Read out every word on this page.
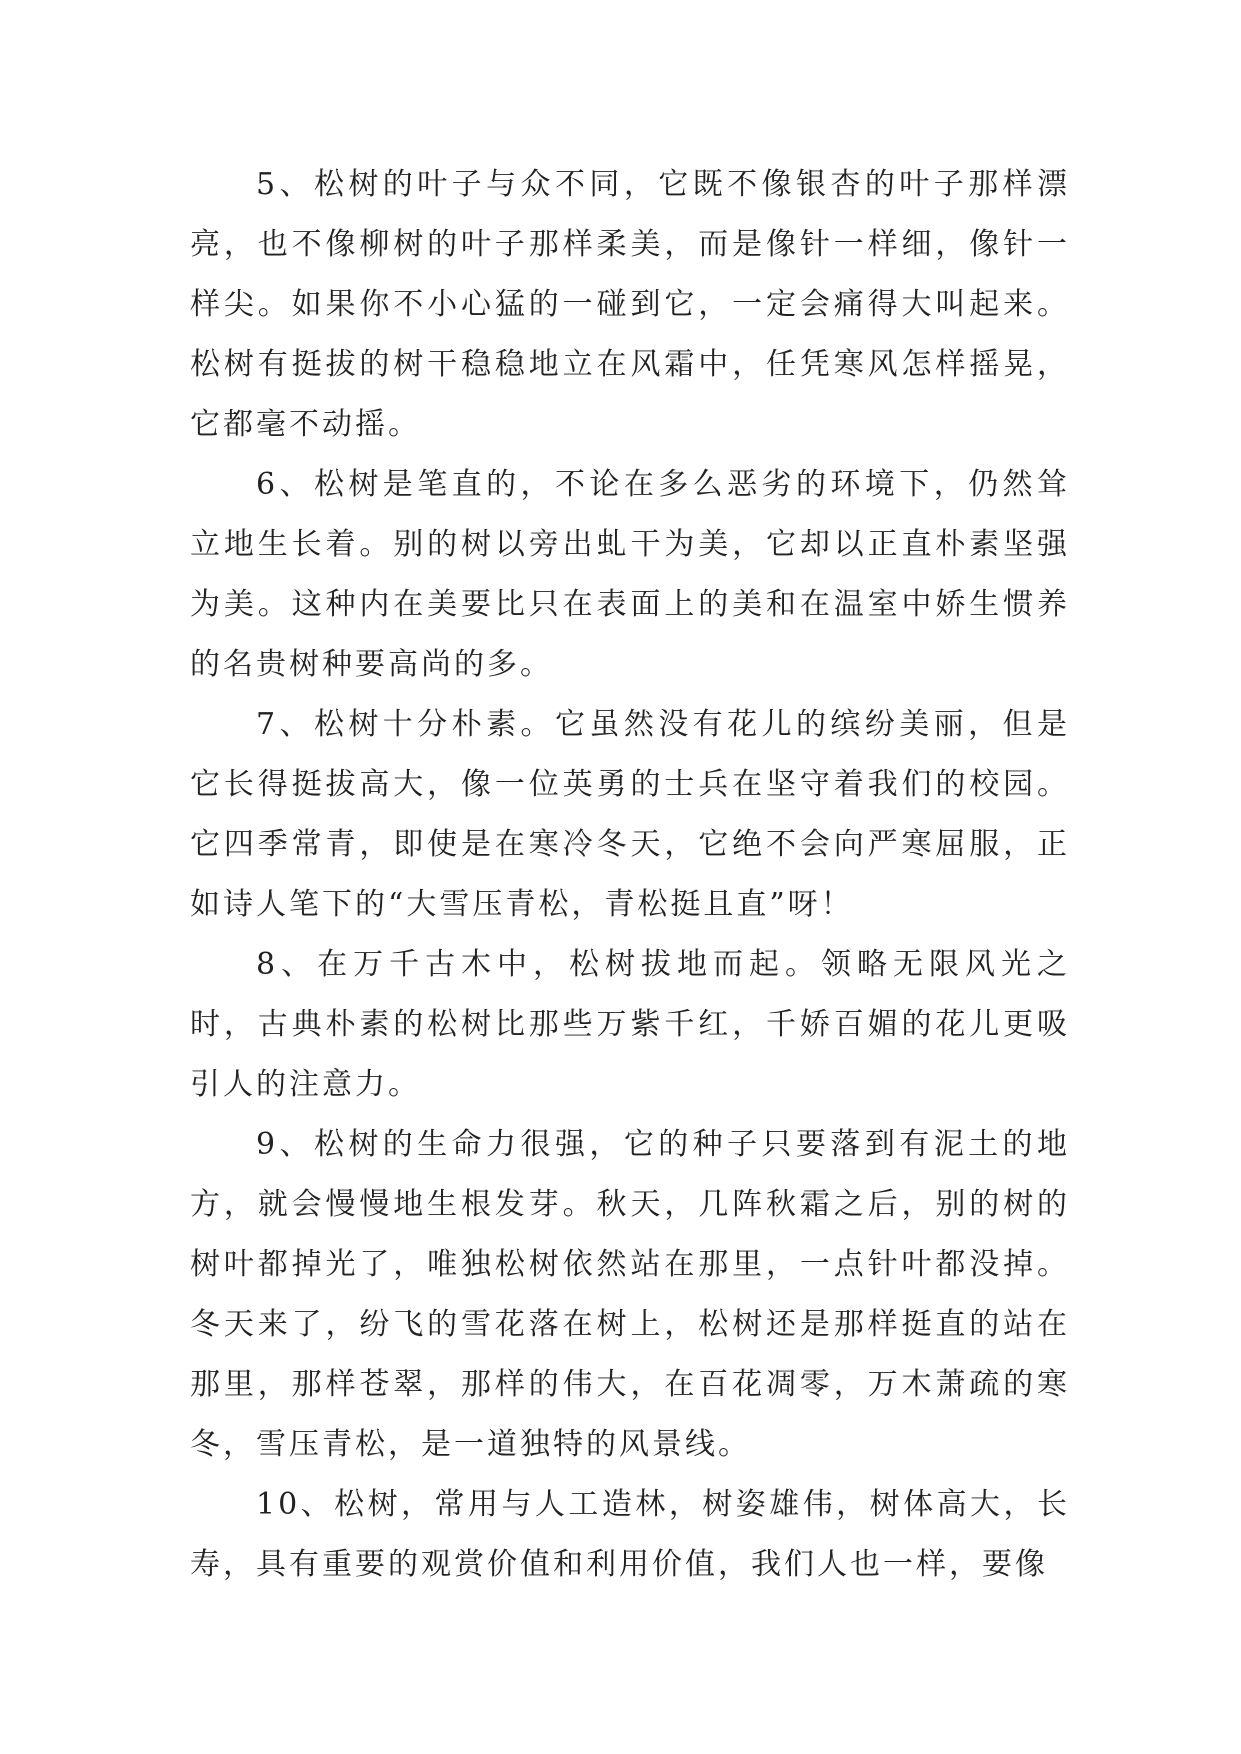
5、松树的叶子与众不同，它既不像银杏的叶子那样漂亮，也不像柳树的叶子那样柔美，而是像针一样细，像针一样尖。如果你不小心猛的一碰到它，一定会痛得大叫起来。松树有挺拔的树干稳稳地立在风霜中，任凭寒风怎样摇晃，它都毫不动摇。

6、松树是笔直的，不论在多么恶劣的环境下，仍然耸立地生长着。别的树以旁出虬干为美，它却以正直朴素坚强为美。这种内在美要比只在表面上的美和在温室中娇生惯养的名贵树种要高尚的多。

7、松树十分朴素。它虽然没有花儿的缤纷美丽，但是它长得挺拔高大，像一位英勇的士兵在坚守着我们的校园。它四季常青，即使是在寒冷冬天，它绝不会向严寒屈服，正如诗人笔下的“大雪压青松，青松挺且直”呀！

8、在万千古木中，松树拔地而起。领略无限风光之时，古典朴素的松树比那些万紫千红，千娇百媚的花儿更吸引人的注意力。

9、松树的生命力很强，它的种子只要落到有泥土的地方，就会慢慢地生根发芽。秋天，几阵秋霜之后，别的树的树叶都掉光了，唯独松树依然站在那里，一点针叶都没掉。冬天来了，纷飞的雪花落在树上，松树还是那样挺直的站在那里，那样苍翠，那样的伟大，在百花凋零，万木萧疏的寒冬，雪压青松，是一道独特的风景线。

10、松树，常用与人工造林，树姿雄伟，树体高大，长寿，具有重要的观赏价值和利用价值，我们人也一样，要像
